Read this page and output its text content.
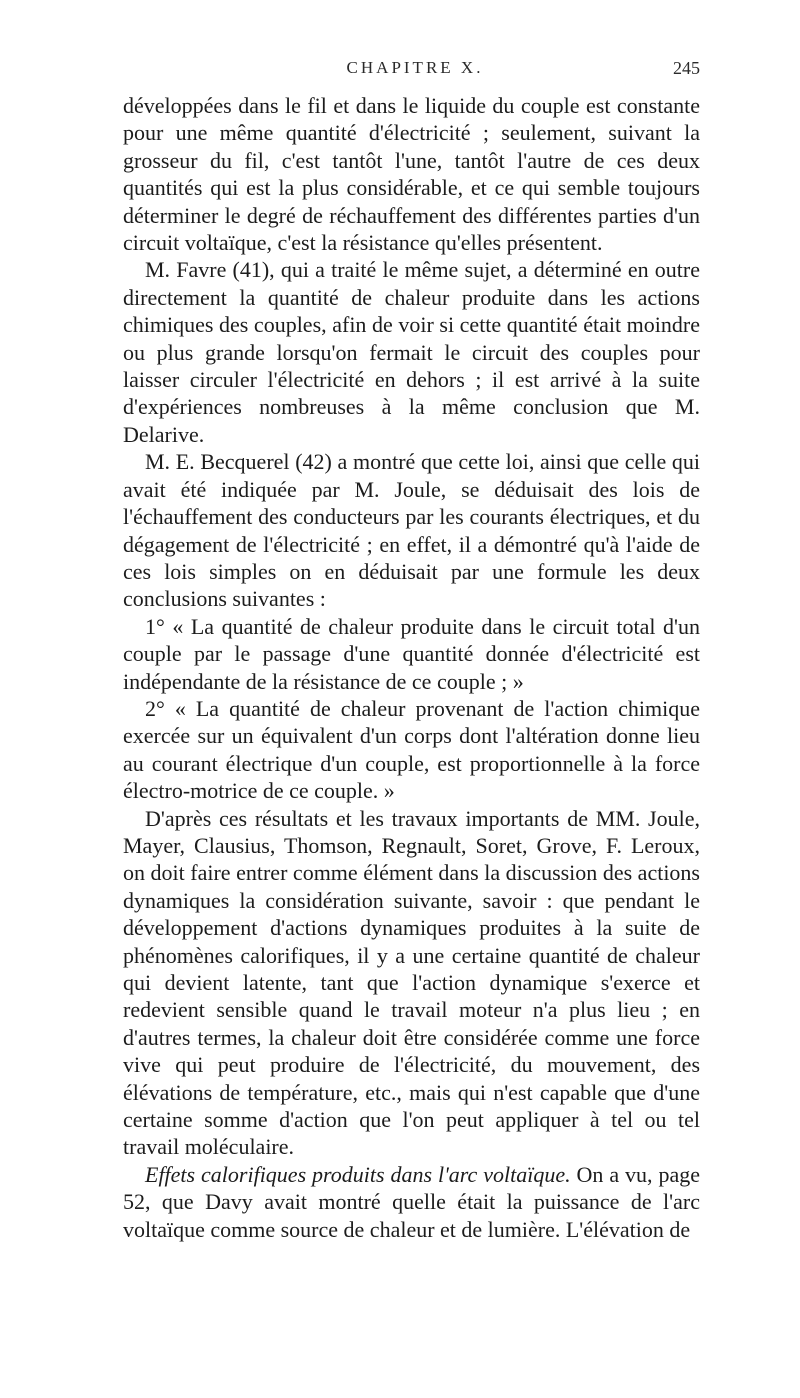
CHAPITRE X.	245

développées dans le fil et dans le liquide du couple est constante pour une même quantité d'électricité ; seulement, suivant la grosseur du fil, c'est tantôt l'une, tantôt l'autre de ces deux quantités qui est la plus considérable, et ce qui semble toujours déterminer le degré de réchauffement des différentes parties d'un circuit voltaïque, c'est la résistance qu'elles présentent.

M. Favre (41), qui a traité le même sujet, a déterminé en outre directement la quantité de chaleur produite dans les actions chimiques des couples, afin de voir si cette quantité était moindre ou plus grande lorsqu'on fermait le circuit des couples pour laisser circuler l'électricité en dehors ; il est arrivé à la suite d'expériences nombreuses à la même conclusion que M. Delarive.

M. E. Becquerel (42) a montré que cette loi, ainsi que celle qui avait été indiquée par M. Joule, se déduisait des lois de l'échauffement des conducteurs par les courants électriques, et du dégagement de l'électricité ; en effet, il a démontré qu'à l'aide de ces lois simples on en déduisait par une formule les deux conclusions suivantes :

1° « La quantité de chaleur produite dans le circuit total d'un couple par le passage d'une quantité donnée d'électricité est indépendante de la résistance de ce couple ; »

2° « La quantité de chaleur provenant de l'action chimique exercée sur un équivalent d'un corps dont l'altération donne lieu au courant électrique d'un couple, est proportionnelle à la force électro-motrice de ce couple. »

D'après ces résultats et les travaux importants de MM. Joule, Mayer, Clausius, Thomson, Regnault, Soret, Grove, F. Leroux, on doit faire entrer comme élément dans la discussion des actions dynamiques la considération suivante, savoir : que pendant le développement d'actions dynamiques produites à la suite de phénomènes calorifiques, il y a une certaine quantité de chaleur qui devient latente, tant que l'action dynamique s'exerce et redevient sensible quand le travail moteur n'a plus lieu ; en d'autres termes, la chaleur doit être considérée comme une force vive qui peut produire de l'électricité, du mouvement, des élévations de température, etc., mais qui n'est capable que d'une certaine somme d'action que l'on peut appliquer à tel ou tel travail moléculaire.

Effets calorifiques produits dans l'arc voltaïque. On a vu, page 52, que Davy avait montré quelle était la puissance de l'arc voltaïque comme source de chaleur et de lumière. L'élévation de
